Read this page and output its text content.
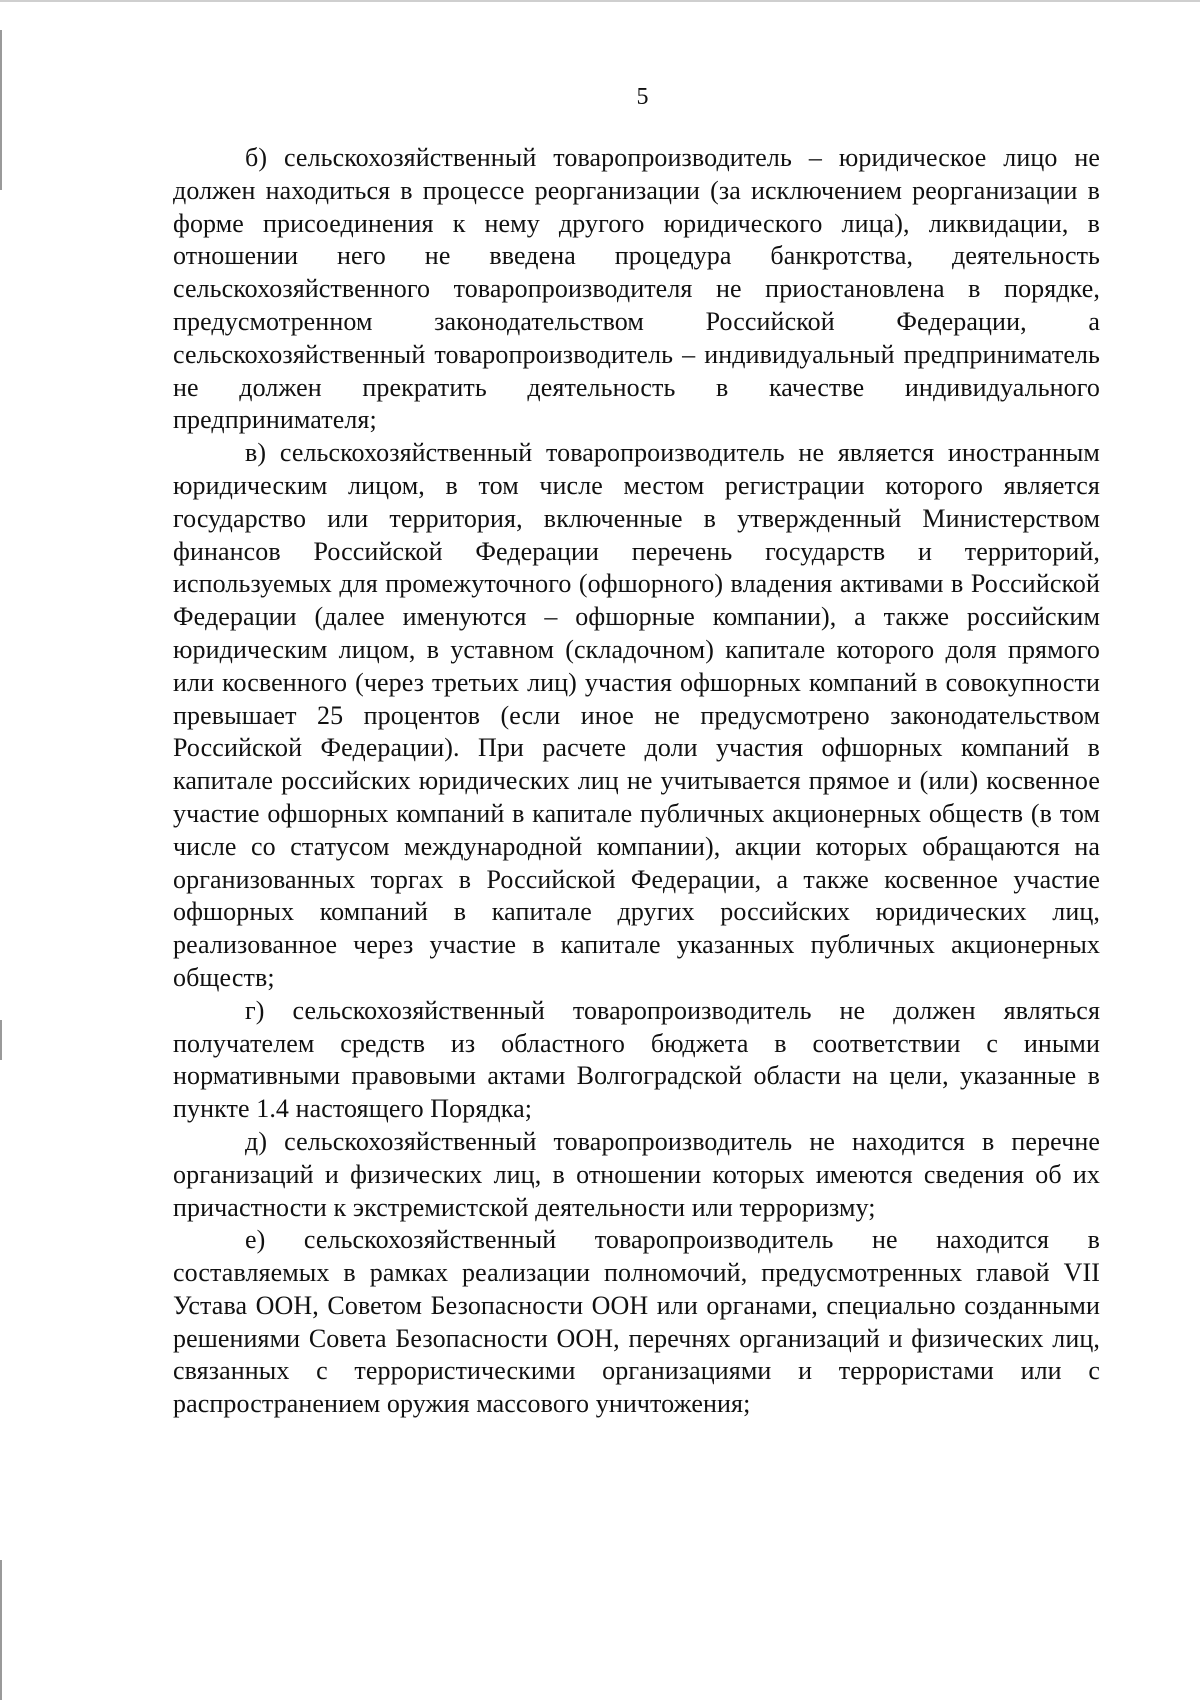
5

б) сельскохозяйственный товаропроизводитель – юридическое лицо не должен находиться в процессе реорганизации (за исключением реорганизации в форме присоединения к нему другого юридического лица), ликвидации, в отношении него не введена процедура банкротства, деятельность сельскохозяйственного товаропроизводителя не приостановлена в порядке, предусмотренном законодательством Российской Федерации, а сельскохозяйственный товаропроизводитель – индивидуальный предприниматель не должен прекратить деятельность в качестве индивидуального предпринимателя;

в) сельскохозяйственный товаропроизводитель не является иностранным юридическим лицом, в том числе местом регистрации которого является государство или территория, включенные в утвержденный Министерством финансов Российской Федерации перечень государств и территорий, используемых для промежуточного (офшорного) владения активами в Российской Федерации (далее именуются – офшорные компании), а также российским юридическим лицом, в уставном (складочном) капитале которого доля прямого или косвенного (через третьих лиц) участия офшорных компаний в совокупности превышает 25 процентов (если иное не предусмотрено законодательством Российской Федерации). При расчете доли участия офшорных компаний в капитале российских юридических лиц не учитывается прямое и (или) косвенное участие офшорных компаний в капитале публичных акционерных обществ (в том числе со статусом международной компании), акции которых обращаются на организованных торгах в Российской Федерации, а также косвенное участие офшорных компаний в капитале других российских юридических лиц, реализованное через участие в капитале указанных публичных акционерных обществ;

г) сельскохозяйственный товаропроизводитель не должен являться получателем средств из областного бюджета в соответствии с иными нормативными правовыми актами Волгоградской области на цели, указанные в пункте 1.4 настоящего Порядка;

д) сельскохозяйственный товаропроизводитель не находится в перечне организаций и физических лиц, в отношении которых имеются сведения об их причастности к экстремистской деятельности или терроризму;

е) сельскохозяйственный товаропроизводитель не находится в составляемых в рамках реализации полномочий, предусмотренных главой VII Устава ООН, Советом Безопасности ООН или органами, специально созданными решениями Совета Безопасности ООН, перечнях организаций и физических лиц, связанных с террористическими организациями и террористами или с распространением оружия массового уничтожения;
